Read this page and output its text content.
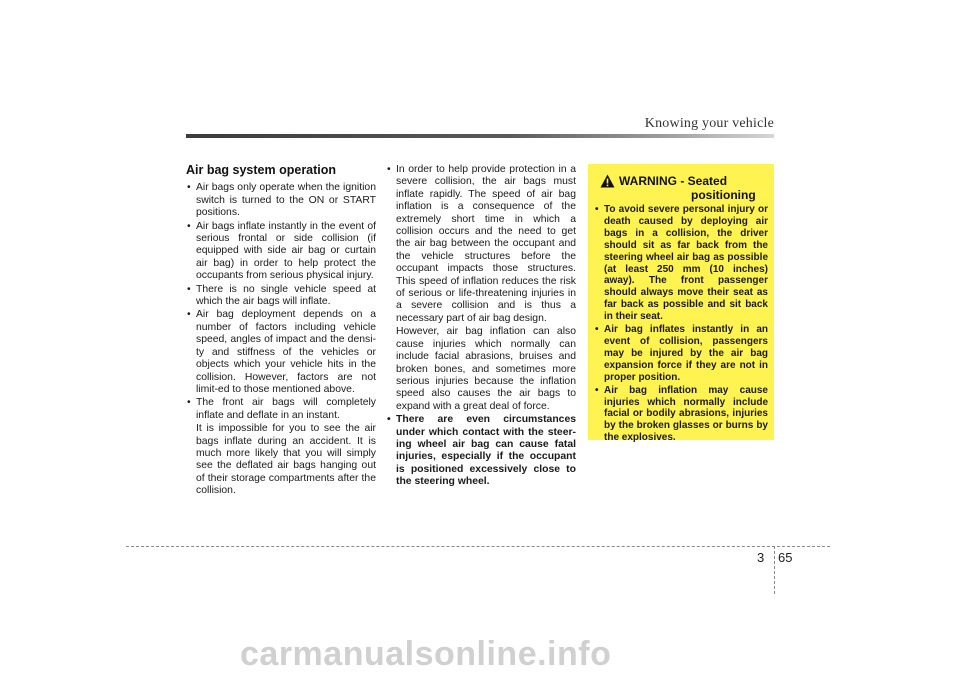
Knowing your vehicle
Air bag system operation

• Air bags only operate when the ignition switch is turned to the ON or START positions.

• Air bags inflate instantly in the event of serious frontal or side collision (if equipped with side air bag or curtain air bag) in order to help protect the occupants from serious physical injury.

• There is no single vehicle speed at which the air bags will inflate.

• Air bag deployment depends on a number of factors including vehicle speed, angles of impact and the densi-ty and stiffness of the vehicles or objects which your vehicle hits in the collision. However, factors are not limit-ed to those mentioned above.

• The front air bags will completely inflate and deflate in an instant.

It is impossible for you to see the air bags inflate during an accident. It is much more likely that you will simply see the deflated air bags hanging out of their storage compartments after the collision.

• In order to help provide protection in a severe collision, the air bags must inflate rapidly. The speed of air bag inflation is a consequence of the extremely short time in which a collision occurs and the need to get the air bag between the occupant and the vehicle structures before the occupant impacts those structures. This speed of inflation reduces the risk of serious or life-threatening injuries in a severe collision and is thus a necessary part of air bag design.

However, air bag inflation can also cause injuries which normally can include facial abrasions, bruises and broken bones, and sometimes more serious injuries because the inflation speed also causes the air bags to expand with a great deal of force.

• There are even circumstances under which contact with the steer-ing wheel air bag can cause fatal injuries, especially if the occupant is positioned excessively close to the steering wheel.

WARNING - Seated
positioning

• To avoid severe personal injury or death caused by deploying air bags in a collision, the driver should sit as far back from the steering wheel air bag as possible (at least 250 mm (10 inches) away). The front passenger should always move their seat as far back as possible and sit back in their seat.

• Air bag inflates instantly in an event of collision, passengers may be injured by the air bag expansion force if they are not in proper position.

• Air bag inflation may cause injuries which normally include facial or bodily abrasions, injuries by the broken glasses or burns by the explosives.

3 65
carmanualsonline.info
